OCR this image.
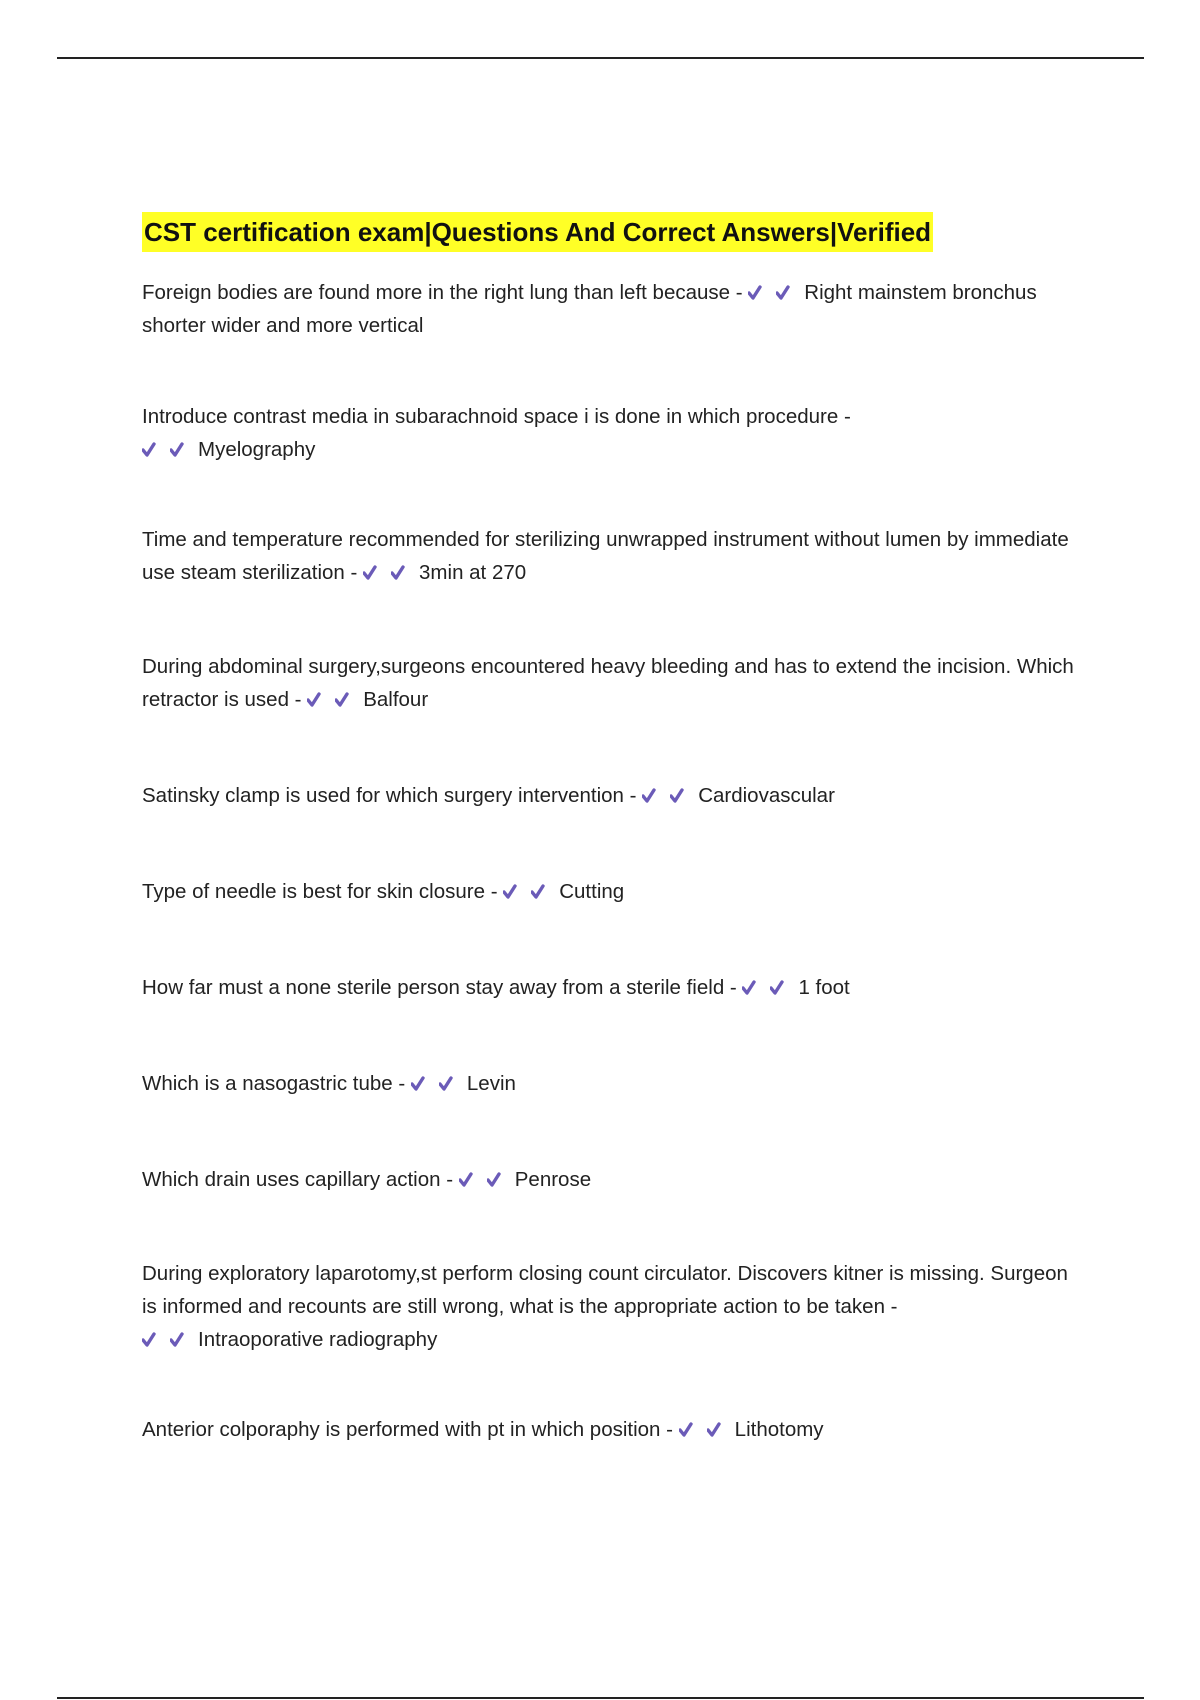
CST certification exam|Questions And Correct Answers|Verified
Foreign bodies are found more in the right lung than left because -	Right mainstem bronchus shorter wider and more vertical
Introduce contrast media in subarachnoid space i is done in which procedure -

Myelography
Time and temperature recommended for sterilizing unwrapped instrument without lumen by immediate use steam sterilization -	3min at 270
During abdominal surgery,surgeons encountered heavy bleeding and has to extend the incision. Which retractor is used -	Balfour
Satinsky clamp is used for which surgery intervention -	Cardiovascular
Type of needle is best for skin closure -	Cutting
How far must a none sterile person stay away from a sterile field -	1 foot
Which is a nasogastric tube -	Levin
Which drain uses capillary action -	Penrose
During exploratory laparotomy,st perform closing count circulator. Discovers kitner is missing. Surgeon is informed and recounts are still wrong, what is the appropriate action to be taken -

Intraoporative radiography
Anterior colporaphy is performed with pt in which position -	Lithotomy
